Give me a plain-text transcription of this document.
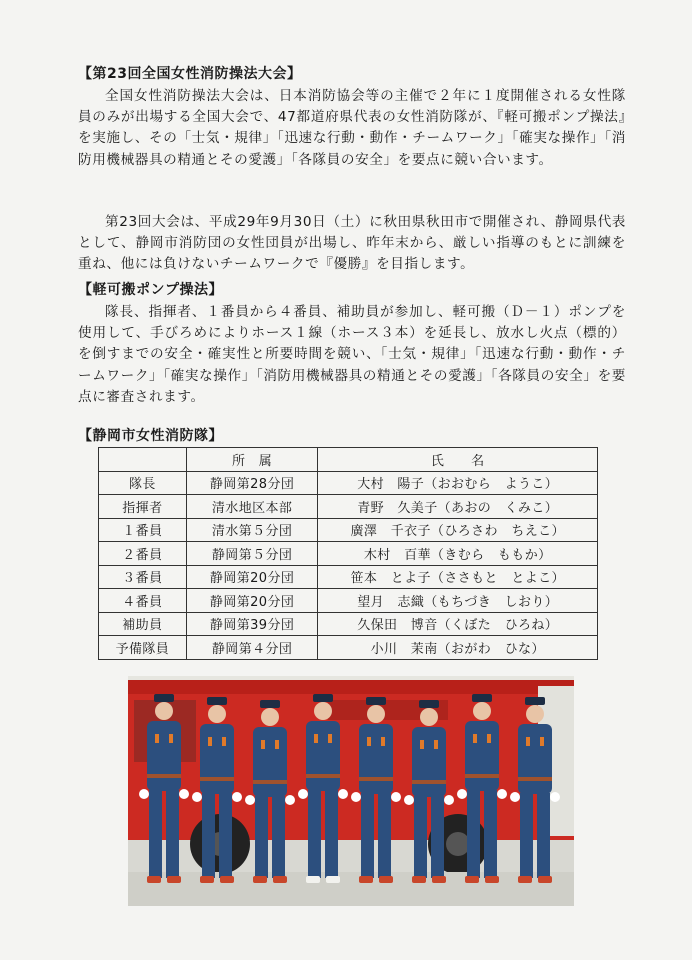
【第23回全国女性消防操法大会】

全国女性消防操法大会は、日本消防協会等の主催で２年に１度開催される女性隊員のみが出場する全国大会で、47都道府県代表の女性消防隊が、『軽可搬ポンプ操法』を実施し、その「士気・規律」「迅速な行動・動作・チームワーク」「確実な操作」「消防用機械器具の精通とその愛護」「各隊員の安全」を要点に競い合います。

第23回大会は、平成29年9月30日（土）に秋田県秋田市で開催され、静岡県代表として、静岡市消防団の女性団員が出場し、昨年末から、厳しい指導のもとに訓練を重ね、他には負けないチームワークで『優勝』を目指します。

【軽可搬ポンプ操法】

隊長、指揮者、１番員から４番員、補助員が参加し、軽可搬（Ｄ－１）ポンプを使用して、手びろめによりホース１線（ホース３本）を延長し、放水し火点（標的）を倒すまでの安全・確実性と所要時間を競い、「士気・規律」「迅速な行動・動作・チームワーク」「確実な操作」「消防用機械器具の精通とその愛護」「各隊員の安全」を要点に審査されます。

【静岡市女性消防隊】
	所　属	氏　　名
隊長	静岡第28分団	大村　陽子（おおむら　ようこ）
指揮者	清水地区本部	青野　久美子（あおの　くみこ）
１番員	清水第５分団	廣澤　千衣子（ひろさわ　ちえこ）
２番員	静岡第５分団	木村　百華（きむら　ももか）
３番員	静岡第20分団	笹本　とよ子（ささもと　とよこ）
４番員	静岡第20分団	望月　志織（もちづき　しおり）
補助員	静岡第39分団	久保田　博音（くぼた　ひろね）
予備隊員	静岡第４分団	小川　茉南（おがわ　ひな）
